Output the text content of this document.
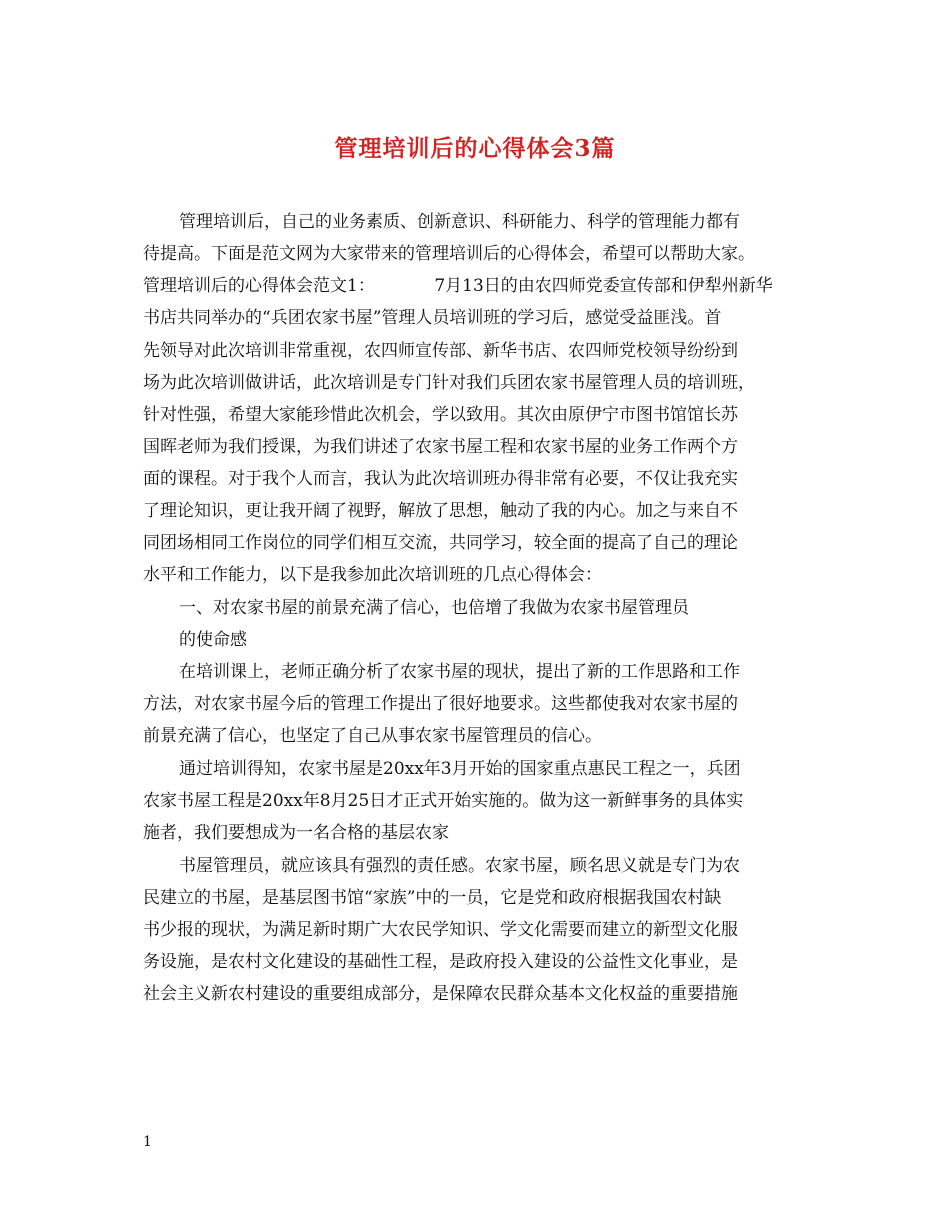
管理培训后的心得体会3篇
管理培训后，自己的业务素质、创新意识、科研能力、科学的管理能力都有
待提高。下面是范文网为大家带来的管理培训后的心得体会，希望可以帮助大家。
管理培训后的心得体会范文1：　　　　7月13日的由农四师党委宣传部和伊犁州新华
书店共同举办的“兵团农家书屋”管理人员培训班的学习后，感觉受益匪浅。首
先领导对此次培训非常重视，农四师宣传部、新华书店、农四师党校领导纷纷到
场为此次培训做讲话，此次培训是专门针对我们兵团农家书屋管理人员的培训班，
针对性强，希望大家能珍惜此次机会，学以致用。其次由原伊宁市图书馆馆长苏
国晖老师为我们授课，为我们讲述了农家书屋工程和农家书屋的业务工作两个方
面的课程。对于我个人而言，我认为此次培训班办得非常有必要，不仅让我充实
了理论知识，更让我开阔了视野，解放了思想，触动了我的内心。加之与来自不
同团场相同工作岗位的同学们相互交流，共同学习，较全面的提高了自己的理论
水平和工作能力，以下是我参加此次培训班的几点心得体会：
一、对农家书屋的前景充满了信心，也倍增了我做为农家书屋管理员
的使命感
在培训课上，老师正确分析了农家书屋的现状，提出了新的工作思路和工作
方法，对农家书屋今后的管理工作提出了很好地要求。这些都使我对农家书屋的
前景充满了信心，也坚定了自己从事农家书屋管理员的信心。
通过培训得知，农家书屋是20xx年3月开始的国家重点惠民工程之一，兵团
农家书屋工程是20xx年8月25日才正式开始实施的。做为这一新鲜事务的具体实
施者，我们要想成为一名合格的基层农家
书屋管理员，就应该具有强烈的责任感。农家书屋，顾名思义就是专门为农
民建立的书屋，是基层图书馆“家族”中的一员，它是党和政府根据我国农村缺
书少报的现状，为满足新时期广大农民学知识、学文化需要而建立的新型文化服
务设施，是农村文化建设的基础性工程，是政府投入建设的公益性文化事业，是
社会主义新农村建设的重要组成部分，是保障农民群众基本文化权益的重要措施
1
